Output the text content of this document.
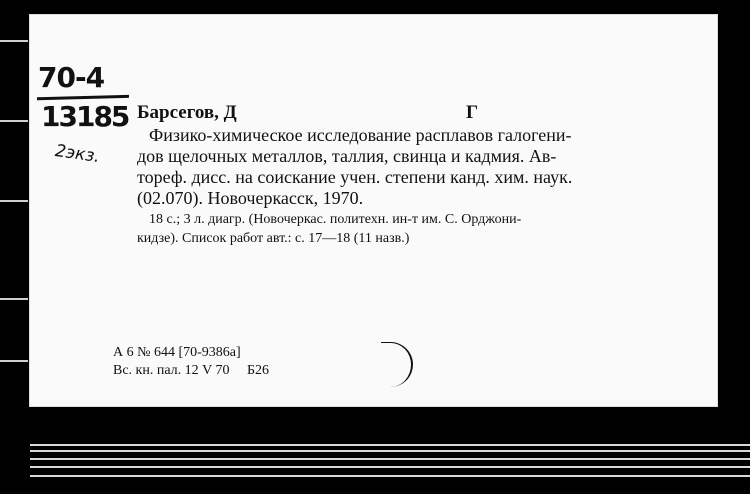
70-4
13185
2экз.
Барсегов, Д	Г

Физико-химическое исследование расплавов галогени-

дов щелочных металлов, таллия, свинца и кадмия. Ав-

тореф. дисс. на соискание учен. степени канд. хим. наук.

(02.070). Новочеркасск, 1970.

18 с.; 3 л. диагр. (Новочеркас. политехн. ин-т им. С. Орджони-

кидзе). Список работ авт.: с. 17—18 (11 назв.)

А 6 № 644 [70-9386а]
Вс. кн. пал. 12 V 70     Б26
